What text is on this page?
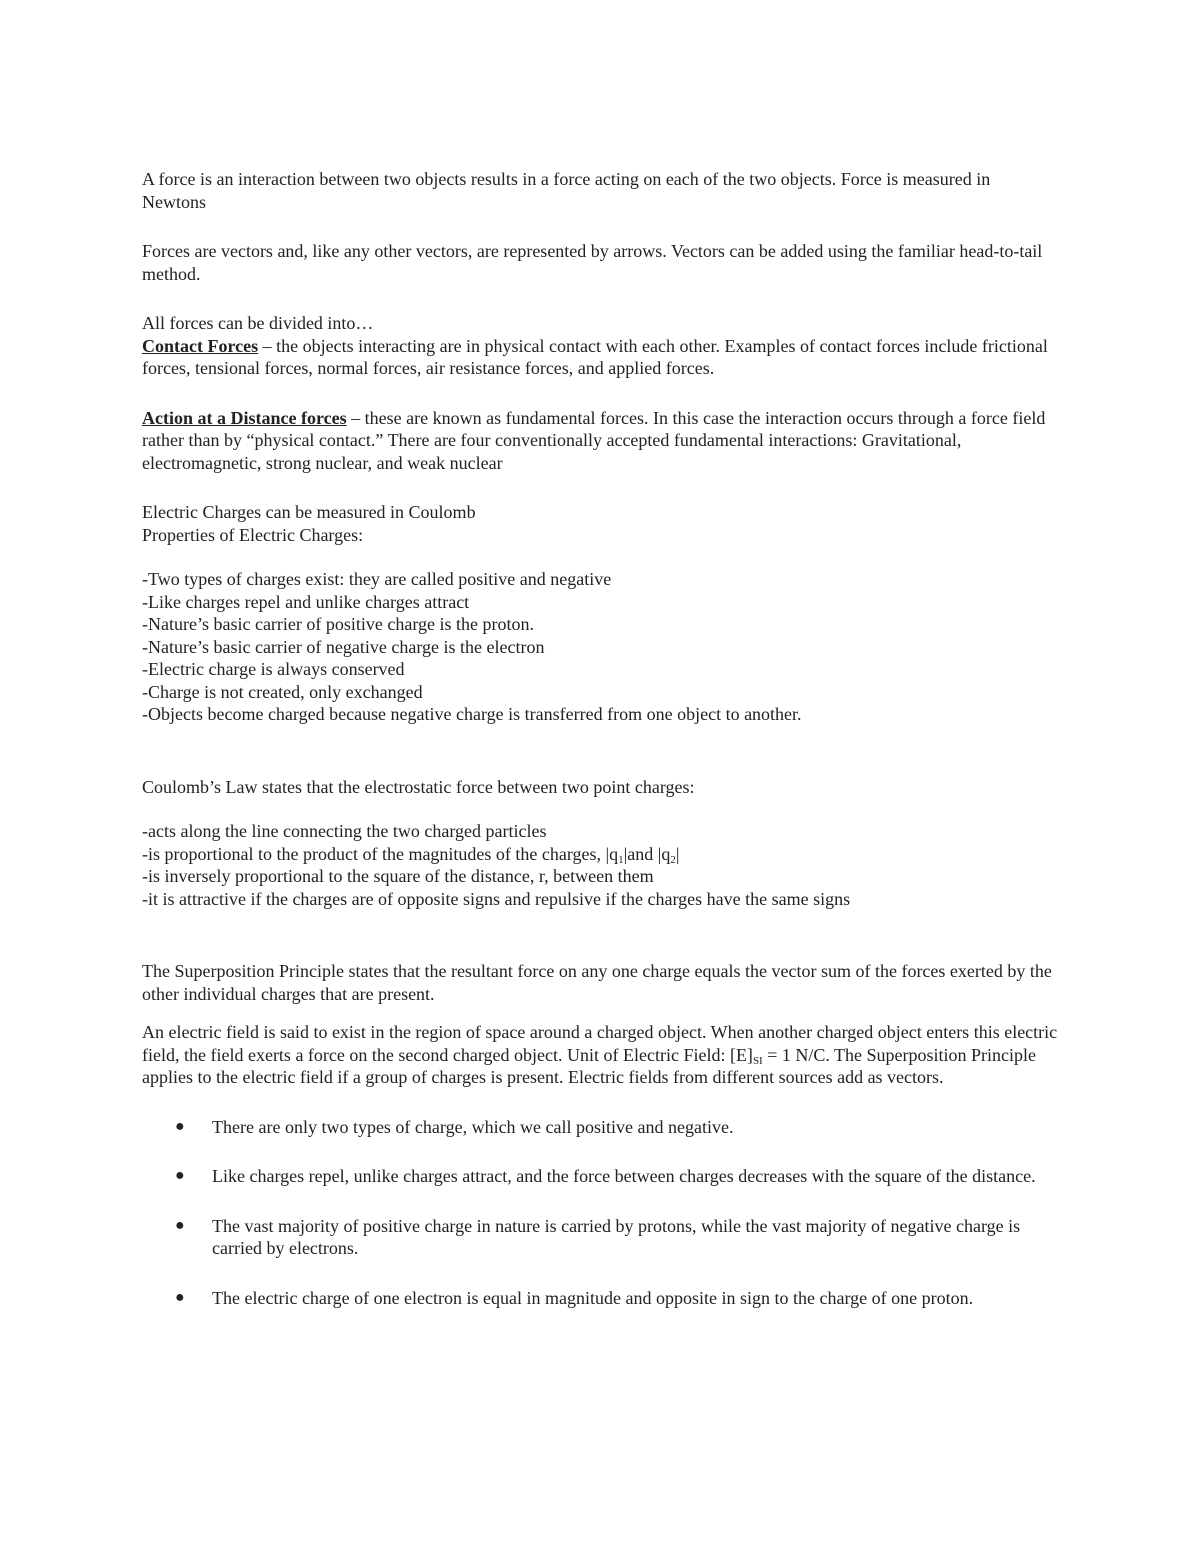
A force is an interaction between two objects results in a force acting on each of the two objects. Force is measured in Newtons

Forces are vectors and, like any other vectors, are represented by arrows. Vectors can be added using the familiar head-to-tail method.

All forces can be divided into…

Contact Forces – the objects interacting are in physical contact with each other. Examples of contact forces include frictional forces, tensional forces, normal forces, air resistance forces, and applied forces.

Action at a Distance forces – these are known as fundamental forces. In this case the interaction occurs through a force field rather than by “physical contact.” There are four conventionally accepted fundamental interactions: Gravitational, electromagnetic, strong nuclear, and weak nuclear

Electric Charges can be measured in Coulomb

Properties of Electric Charges:

-Two types of charges exist: they are called positive and negative

-Like charges repel and unlike charges attract

-Nature’s basic carrier of positive charge is the proton.

-Nature’s basic carrier of negative charge is the electron

-Electric charge is always conserved

-Charge is not created, only exchanged

-Objects become charged because negative charge is transferred from one object to another.

Coulomb’s Law states that the electrostatic force between two point charges:

-acts along the line connecting the two charged particles

-is proportional to the product of the magnitudes of the charges, $|q_1|and$ $|q_2|$

-is inversely proportional to the square of the distance, r, between them

-it is attractive if the charges are of opposite signs and repulsive if the charges have the same signs

The Superposition Principle states that the resultant force on any one charge equals the vector sum of the forces exerted by the other individual charges that are present.

An electric field is said to exist in the region of space around a charged object. When another charged object enters this electric field, the field exerts a force on the second charged object. Unit of Electric Field: $[E]_{SI} = 1$ N/C. The Superposition Principle applies to the electric field if a group of charges is present. Electric fields from different sources add as vectors.

● There are only two types of charge, which we call positive and negative.
● Like charges repel, unlike charges attract, and the force between charges decreases with the square of the distance.
● The vast majority of positive charge in nature is carried by protons, while the vast majority of negative charge is carried by electrons.
● The electric charge of one electron is equal in magnitude and opposite in sign to the charge of one proton.
